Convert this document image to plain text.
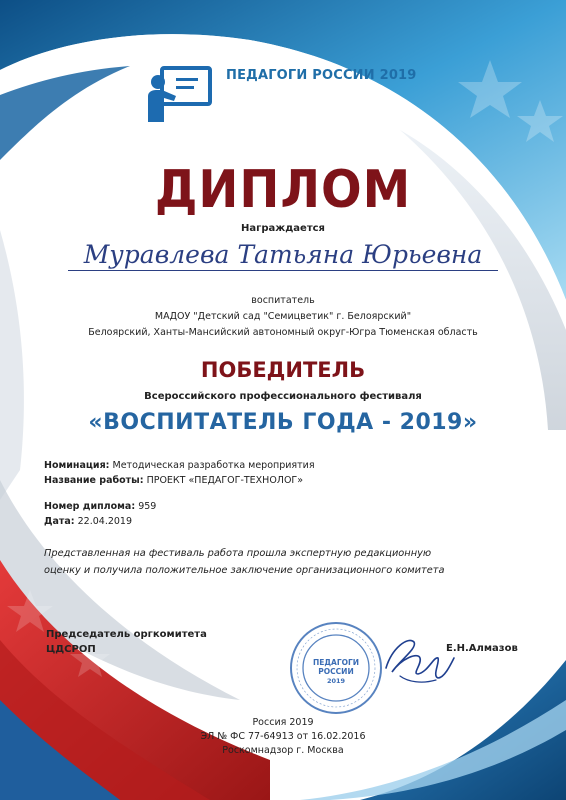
ПЕДАГОГИ РОССИИ 2019
ДИПЛОМ
Награждается
Муравлева Татьяна Юрьевна
воспитатель
МАДОУ "Детский сад "Семицветик" г. Белоярский"
Белоярский, Ханты-Мансийский автономный округ-Югра Тюменская область
ПОБЕДИТЕЛЬ
Всероссийского профессионального фестиваля
«ВОСПИТАТЕЛЬ ГОДА - 2019»
Номинация: Методическая разработка мероприятия
Название работы: ПРОЕКТ «ПЕДАГОГ-ТЕХНОЛОГ»
Номер диплома: 959
Дата: 22.04.2019
Представленная на фестиваль работа прошла экспертную редакционную
оценку и получила положительное заключение организационного комитета
Председатель оргкомитета
ЦДСРОП
ПЕДАГОГИ
РОССИИ
2019
Е.Н.Алмазов
Россия 2019
ЭЛ № ФС 77-64913 от 16.02.2016
Роскомнадзор г. Москва
